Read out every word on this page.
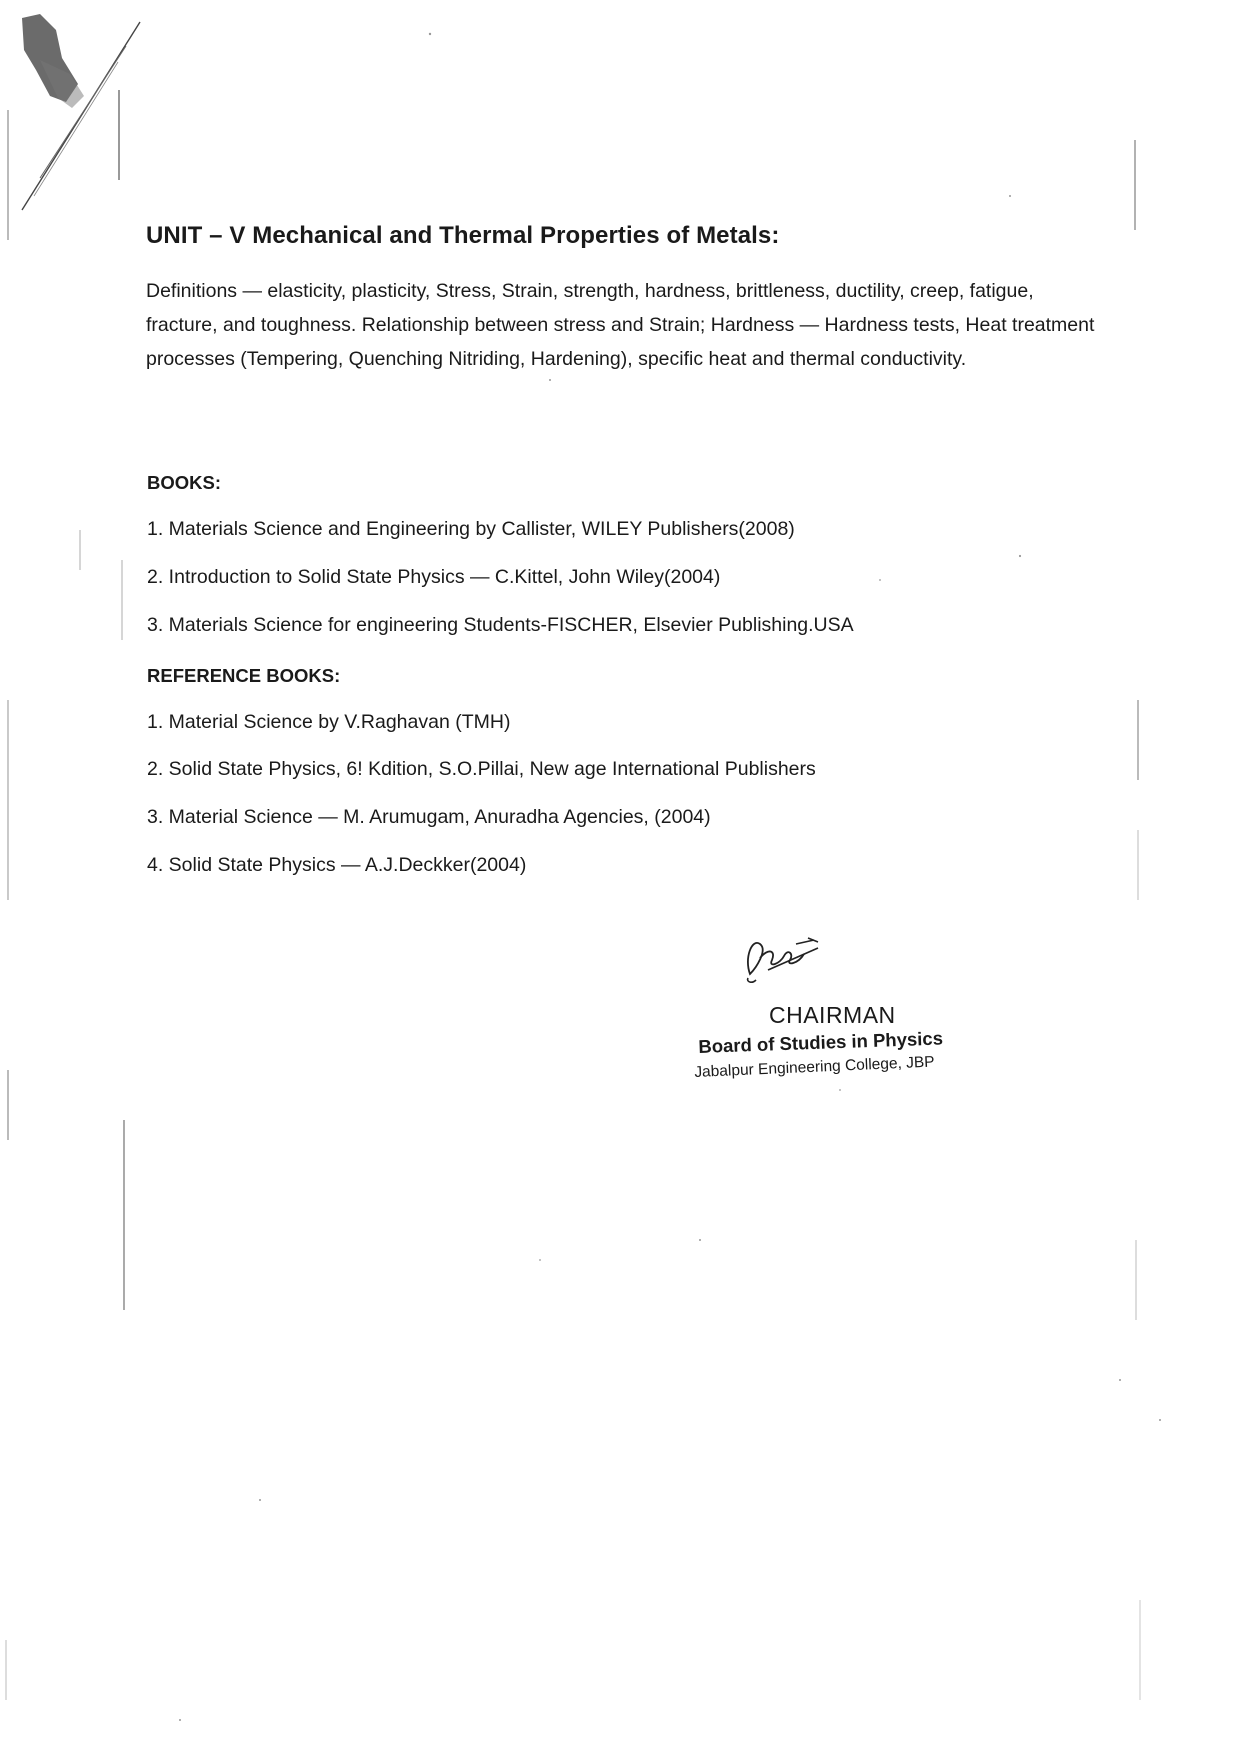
UNIT – V Mechanical and Thermal Properties of Metals:

Definitions — elasticity, plasticity, Stress, Strain, strength, hardness, brittleness, ductility, creep, fatigue, fracture, and toughness. Relationship between stress and Strain; Hardness — Hardness tests, Heat treatment processes (Tempering, Quenching Nitriding, Hardening), specific heat and thermal conductivity.

BOOKS:
1. Materials Science and Engineering by Callister, WILEY Publishers(2008)
2. Introduction to Solid State Physics — C.Kittel, John Wiley(2004)
3. Materials Science for engineering Students-FISCHER, Elsevier Publishing.USA
REFERENCE BOOKS:
1. Material Science by V.Raghavan (TMH)
2. Solid State Physics, 6! Kdition, S.O.Pillai, New age International Publishers
3. Material Science — M. Arumugam, Anuradha Agencies, (2004)
4. Solid State Physics — A.J.Deckker(2004)
CHAIRMAN
Board of Studies in Physics
Jabalpur Engineering College, JBP
